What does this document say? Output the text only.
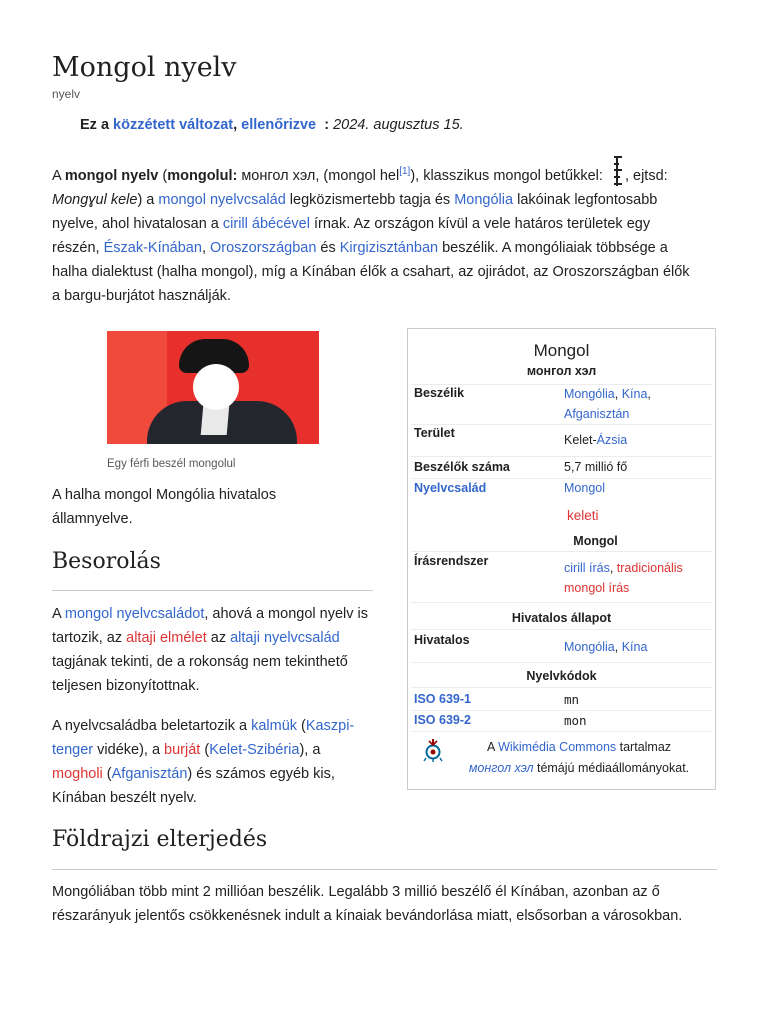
Mongol nyelv
nyelv
Ez a közzétett változat, ellenőrizve : 2024. augusztus 15.

A mongol nyelv (mongolul: монгол хэл, (mongol hel[1]), klasszikus mongol betűkkel:
, ejtsd:
Mongɣul kele) a mongol nyelvcsalád legközismertebb tagja és Mongólia lakóinak legfontosabb nyelve, ahol hivatalosan a cirill ábécével írnak. Az országon kívül a vele határos területek egy részén, Észak-Kínában, Oroszországban és Kirgizisztánban beszélik. A mongóliaiak többsége a halha dialektust (halha mongol), míg a Kínában élők a csahart, az ojirádot, az Oroszországban élők a bargu-burjátot használják.

Egy férfi beszél mongolul

A halha mongol Mongólia hivatalos államnyelve.

Besorolás

A mongol nyelvcsaládot, ahová a mongol nyelv is tartozik, az altaji elmélet az altaji nyelvcsalád tagjának tekinti, de a rokonság nem tekinthető teljesen bizonyítottnak.

A nyelvcsaládba beletartozik a kalmük (Kaszpi-tenger vidéke), a burját (Kelet-Szibéria), a mogholi (Afganisztán) és számos egyéb kis, Kínában beszélt nyelv.

Földrajzi elterjedés

Mongóliában több mint 2 millióan beszélik. Legalább 3 millió beszélő él Kínában, azonban az ő részarányuk jelentős csökkenésnek indult a kínaiak bevándorlása miatt, elsősorban a városokban.

Mongol
монгол хэл
Beszélik	Mongólia, Kína,
Afganisztán
Terület	Kelet-Ázsia
Beszélők száma	5,7 millió fő
Nyelvcsalád	Mongol
keleti
Mongol
Írásrendszer	cirill írás, tradicionális mongol írás
Hivatalos állapot
Hivatalos	Mongólia, Kína
Nyelvkódok
ISO 639-1	mn
ISO 639-2	mon
A Wikimédia Commons tartalmaz
монгол хэл témájú médiaállományokat.
